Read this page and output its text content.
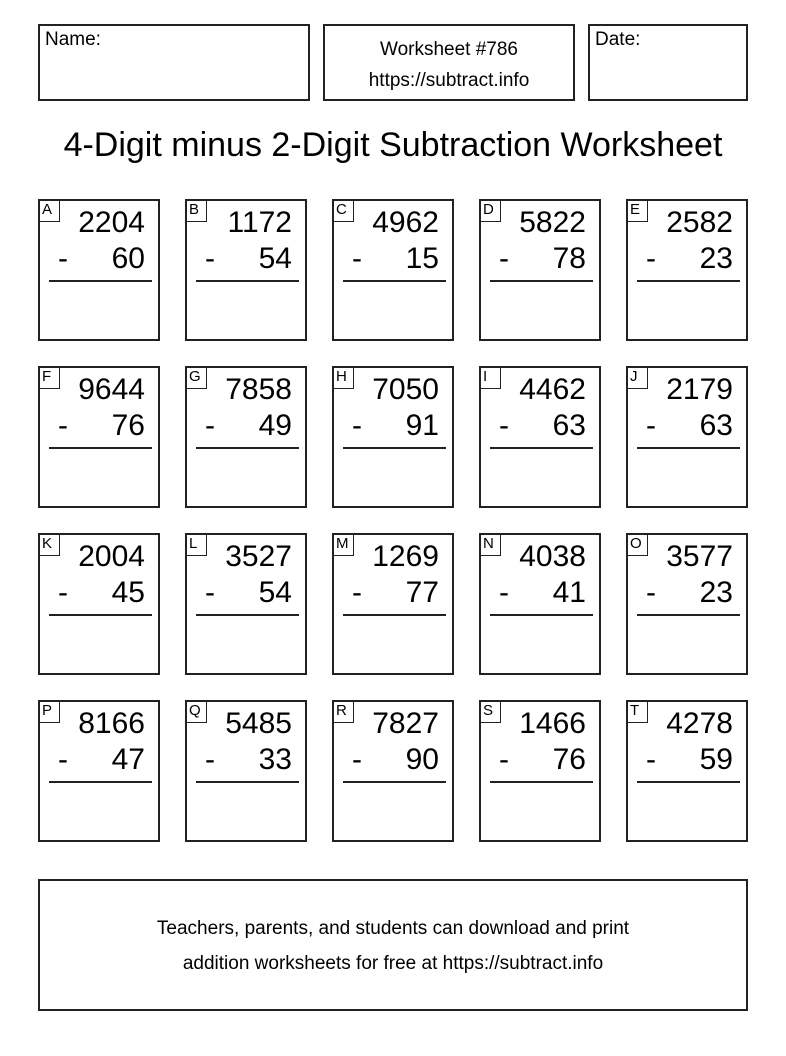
Name:	Worksheet #786
https://subtract.info
Date:
4-Digit minus 2-Digit Subtraction Worksheet
A 2204
- 60
B 1172
- 54
C 4962
- 15
D 5822
- 78
E 2582
- 23
F 9644
- 76
G 7858
- 49
H 7050
- 91
I	4462
- 63
J 2179
- 63
K 2004
- 45
L 3527
- 54
M 1269
- 77
N 4038
- 41
O 3577
- 23
P 8166
- 47
Q 5485
- 33
R 7827
- 90
S 1466
- 76
T 4278
- 59
Teachers, parents, and students can download and print
addition worksheets for free at https://subtract.info
